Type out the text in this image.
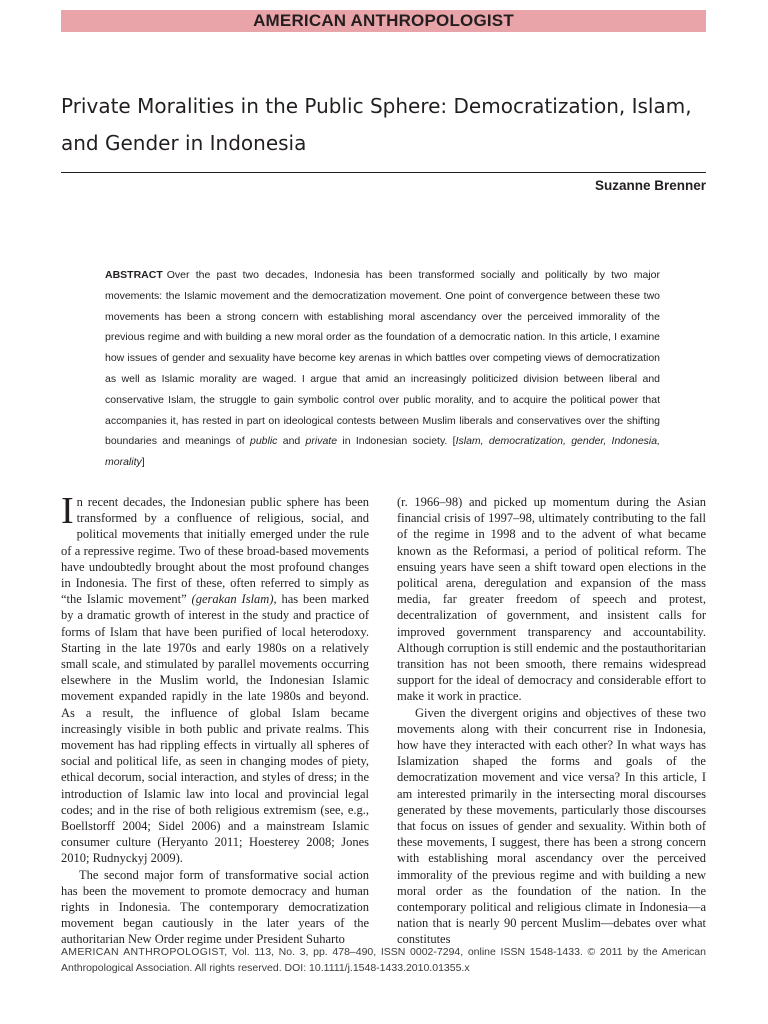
AMERICAN ANTHROPOLOGIST
Private Moralities in the Public Sphere: Democratization, Islam, and Gender in Indonesia
Suzanne Brenner

ABSTRACT Over the past two decades, Indonesia has been transformed socially and politically by two major movements: the Islamic movement and the democratization movement. One point of convergence between these two movements has been a strong concern with establishing moral ascendancy over the perceived immorality of the previous regime and with building a new moral order as the foundation of a democratic nation. In this article, I examine how issues of gender and sexuality have become key arenas in which battles over competing views of democratization as well as Islamic morality are waged. I argue that amid an increasingly politicized division between liberal and conservative Islam, the struggle to gain symbolic control over public morality, and to acquire the political power that accompanies it, has rested in part on ideological contests between Muslim liberals and conservatives over the shifting boundaries and meanings of public and private in Indonesian society. [Islam, democratization, gender, Indonesia, morality]

In recent decades, the Indonesian public sphere has been transformed by a confluence of religious, social, and political movements that initially emerged under the rule of a repressive regime. Two of these broad-based movements have undoubtedly brought about the most profound changes in Indonesia. The first of these, often referred to simply as “the Islamic movement” (gerakan Islam), has been marked by a dramatic growth of interest in the study and practice of forms of Islam that have been purified of local heterodoxy. Starting in the late 1970s and early 1980s on a relatively small scale, and stimulated by parallel movements occurring elsewhere in the Muslim world, the Indonesian Islamic movement expanded rapidly in the late 1980s and beyond. As a result, the influence of global Islam became increasingly visible in both public and private realms. This movement has had rippling effects in virtually all spheres of social and political life, as seen in changing modes of piety, ethical decorum, social interaction, and styles of dress; in the introduction of Islamic law into local and provincial legal codes; and in the rise of both religious extremism (see, e.g., Boellstorff 2004; Sidel 2006) and a mainstream Islamic consumer culture (Heryanto 2011; Hoesterey 2008; Jones 2010; Rudnyckyj 2009).

The second major form of transformative social action has been the movement to promote democracy and human rights in Indonesia. The contemporary democratization movement began cautiously in the later years of the authoritarian New Order regime under President Suharto

(r. 1966–98) and picked up momentum during the Asian financial crisis of 1997–98, ultimately contributing to the fall of the regime in 1998 and to the advent of what became known as the Reformasi, a period of political reform. The ensuing years have seen a shift toward open elections in the political arena, deregulation and expansion of the mass media, far greater freedom of speech and protest, decentralization of government, and insistent calls for improved government transparency and accountability. Although corruption is still endemic and the postauthoritarian transition has not been smooth, there remains widespread support for the ideal of democracy and considerable effort to make it work in practice.

Given the divergent origins and objectives of these two movements along with their concurrent rise in Indonesia, how have they interacted with each other? In what ways has Islamization shaped the forms and goals of the democratization movement and vice versa? In this article, I am interested primarily in the intersecting moral discourses generated by these movements, particularly those discourses that focus on issues of gender and sexuality. Within both of these movements, I suggest, there has been a strong concern with establishing moral ascendancy over the perceived immorality of the previous regime and with building a new moral order as the foundation of the nation. In the contemporary political and religious climate in Indonesia—a nation that is nearly 90 percent Muslim—debates over what constitutes

AMERICAN ANTHROPOLOGIST, Vol. 113, No. 3, pp. 478–490, ISSN 0002-7294, online ISSN 1548-1433. © 2011 by the American Anthropological Association. All rights reserved. DOI: 10.1111/j.1548-1433.2010.01355.x
